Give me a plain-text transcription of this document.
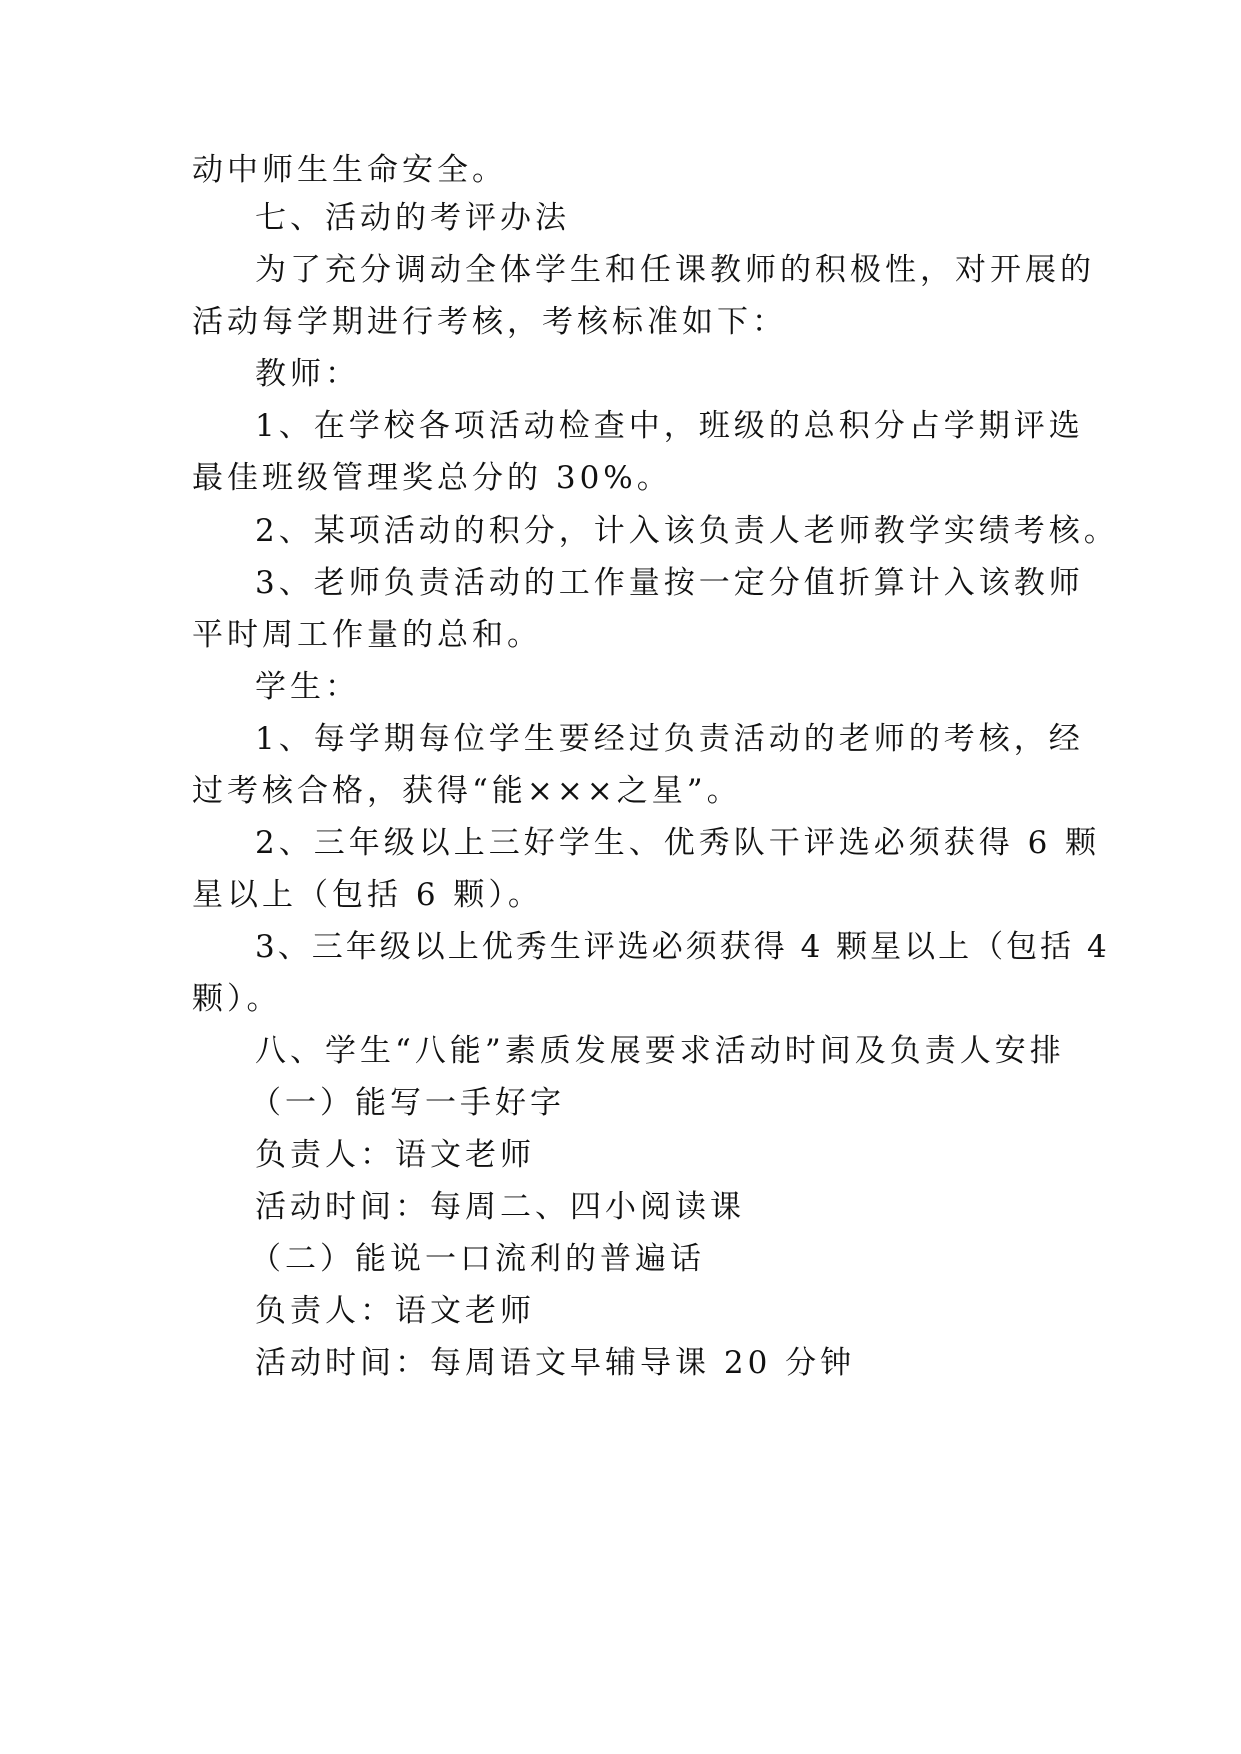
动中师生生命安全。
七、活动的考评办法
为了充分调动全体学生和任课教师的积极性，对开展的
活动每学期进行考核，考核标准如下：
教师：
1、在学校各项活动检查中，班级的总积分占学期评选
最佳班级管理奖总分的 30%。
2、某项活动的积分，计入该负责人老师教学实绩考核。
3、老师负责活动的工作量按一定分值折算计入该教师
平时周工作量的总和。
学生：
1、每学期每位学生要经过负责活动的老师的考核，经
过考核合格，获得“能×××之星”。
2、三年级以上三好学生、优秀队干评选必须获得 6 颗
星以上（包括 6 颗）。
3、三年级以上优秀生评选必须获得 4 颗星以上（包括 4
颗）。
八、学生“八能”素质发展要求活动时间及负责人安排
（一）能写一手好字
负责人：语文老师
活动时间：每周二、四小阅读课
（二）能说一口流利的普遍话
负责人：语文老师
活动时间：每周语文早辅导课 20 分钟
